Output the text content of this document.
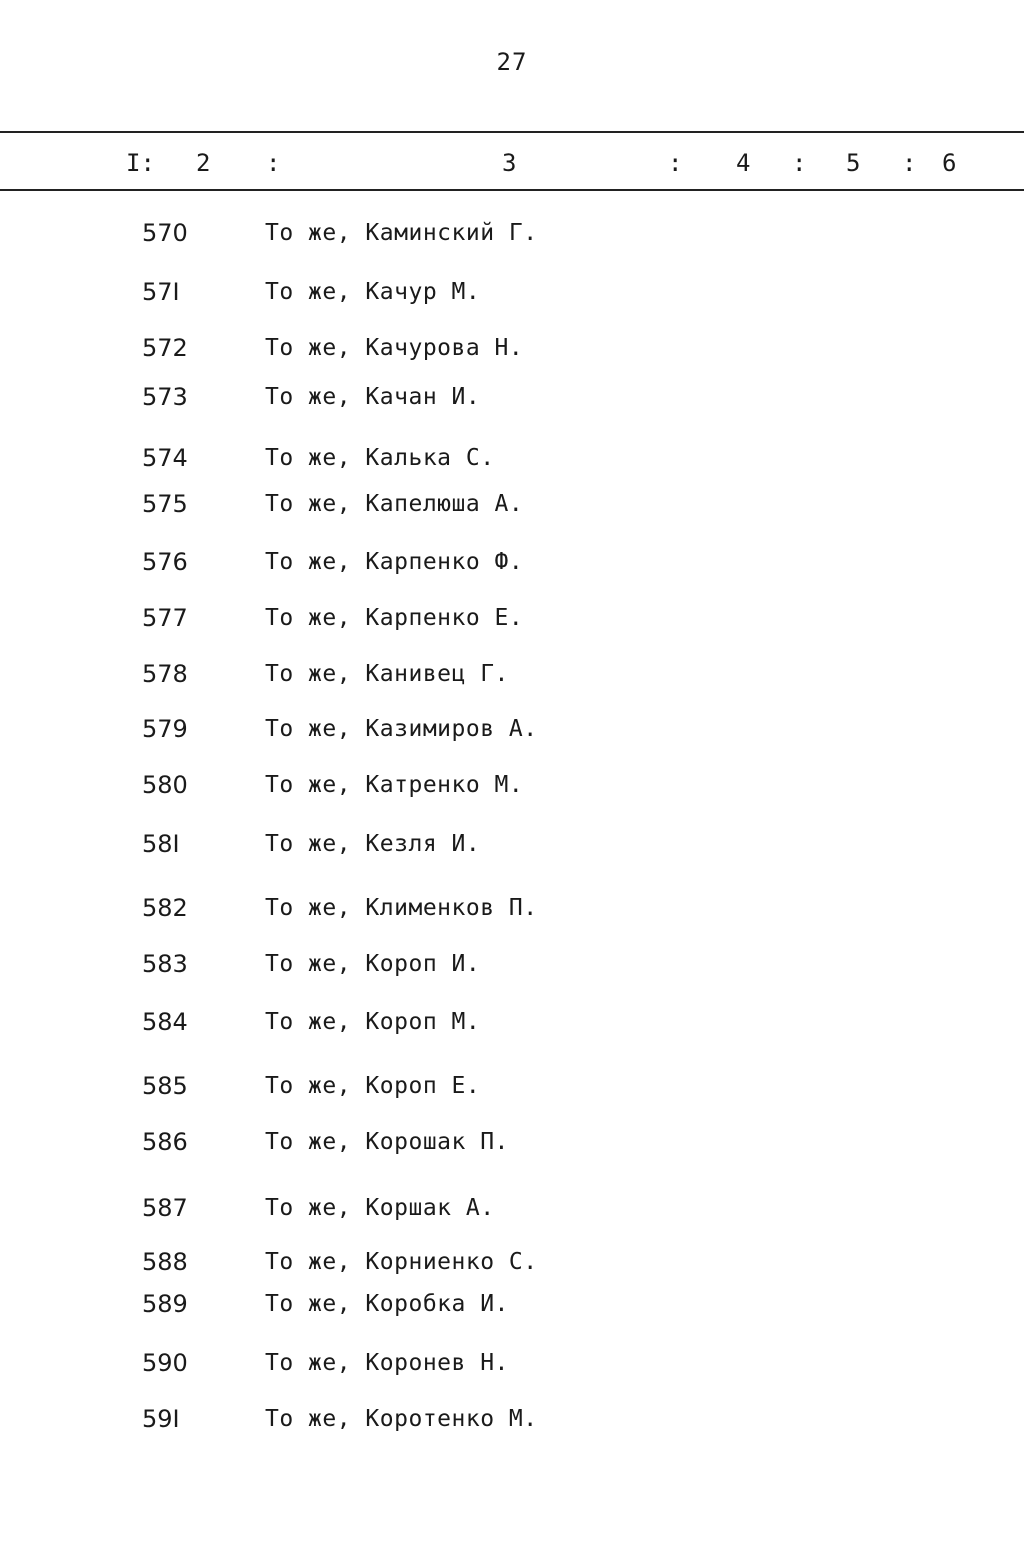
27
I: 2 :	3	: 4 : 5 : 6
570	То же, Каминский Г.
57I	То же, Качур М.
572	То же, Качурова Н.
573	То же, Качан И.
574	То же, Калька С.
575	То же, Капелюша А.
576	То же, Карпенко Ф.
577	То же, Карпенко Е.
578	То же, Канивец Г.
579	То же, Казимиров А.
580	То же, Катренко М.
58I	То же, Кезля И.
582	То же, Клименков П.
583	То же, Короп И.
584	То же, Короп М.
585	То же, Короп Е.
586	То же, Корошак П.
587	То же, Коршак А.
588	То же, Корниенко С.
589	То же, Коробка И.
590	То же, Коронев Н.
59I	То же, Коротенко М.
